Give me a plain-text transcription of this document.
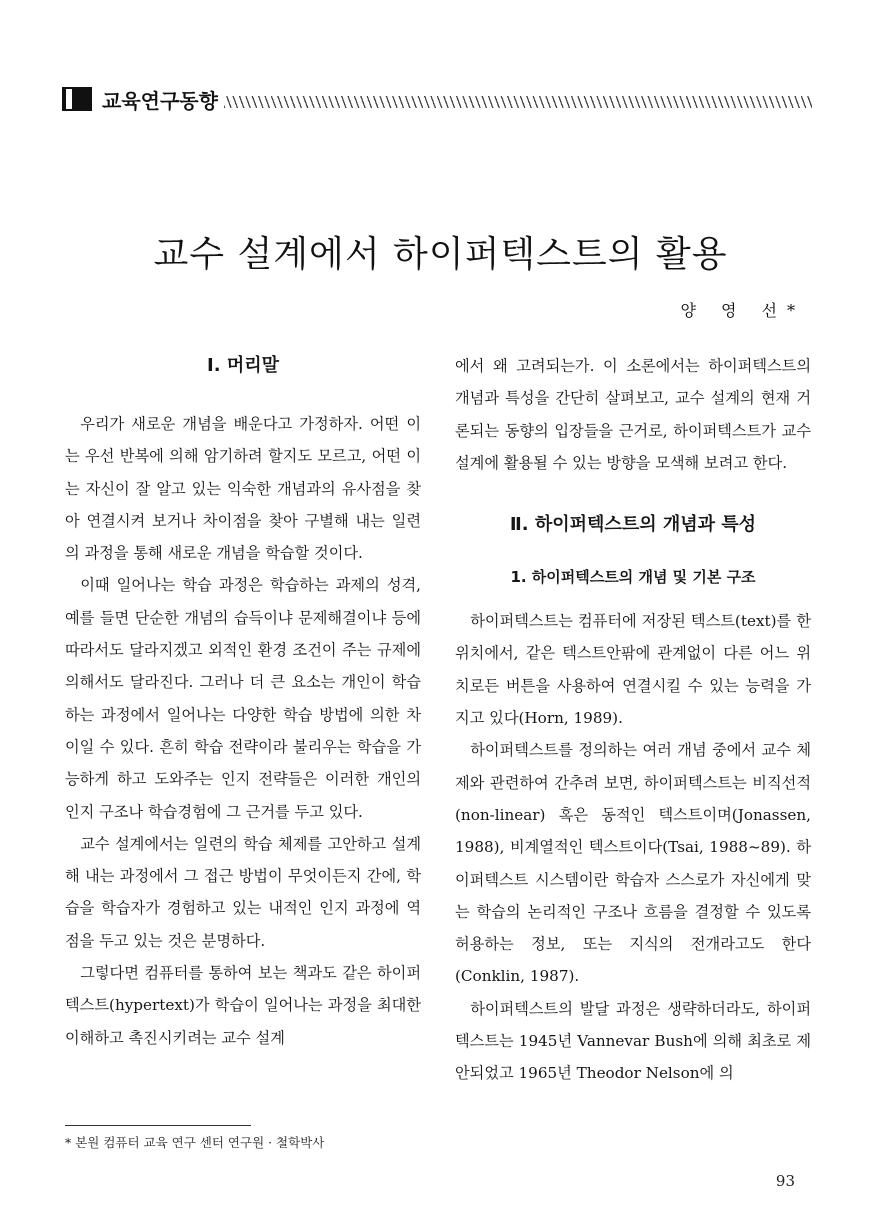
교육연구동향
교수 설계에서 하이퍼텍스트의 활용
양 영 선*
Ⅰ. 머리말

우리가 새로운 개념을 배운다고 가정하자. 어떤 이는 우선 반복에 의해 암기하려 할지도 모르고, 어떤 이는 자신이 잘 알고 있는 익숙한 개념과의 유사점을 찾아 연결시켜 보거나 차이점을 찾아 구별해 내는 일련의 과정을 통해 새로운 개념을 학습할 것이다.

이때 일어나는 학습 과정은 학습하는 과제의 성격, 예를 들면 단순한 개념의 습득이냐 문제해결이냐 등에 따라서도 달라지겠고 외적인 환경 조건이 주는 규제에 의해서도 달라진다. 그러나 더 큰 요소는 개인이 학습하는 과정에서 일어나는 다양한 학습 방법에 의한 차이일 수 있다. 흔히 학습 전략이라 불리우는 학습을 가능하게 하고 도와주는 인지 전략들은 이러한 개인의 인지 구조나 학습경험에 그 근거를 두고 있다.

교수 설계에서는 일련의 학습 체제를 고안하고 설계해 내는 과정에서 그 접근 방법이 무엇이든지 간에, 학습을 학습자가 경험하고 있는 내적인 인지 과정에 역점을 두고 있는 것은 분명하다.

그렇다면 컴퓨터를 통하여 보는 책과도 같은 하이퍼텍스트(hypertext)가 학습이 일어나는 과정을 최대한 이해하고 촉진시키려는 교수 설계

에서 왜 고려되는가. 이 소론에서는 하이퍼텍스트의 개념과 특성을 간단히 살펴보고, 교수 설계의 현재 거론되는 동향의 입장들을 근거로, 하이퍼텍스트가 교수 설계에 활용될 수 있는 방향을 모색해 보려고 한다.

Ⅱ. 하이퍼텍스트의 개념과 특성
1. 하이퍼텍스트의 개념 및 기본 구조

하이퍼텍스트는 컴퓨터에 저장된 텍스트(text)를 한 위치에서, 같은 텍스트안팎에 관계없이 다른 어느 위치로든 버튼을 사용하여 연결시킬 수 있는 능력을 가지고 있다(Horn, 1989).

하이퍼텍스트를 정의하는 여러 개념 중에서 교수 체제와 관련하여 간추려 보면, 하이퍼텍스트는 비직선적(non-linear) 혹은 동적인 텍스트이며(Jonassen, 1988), 비계열적인 텍스트이다(Tsai, 1988~89). 하이퍼텍스트 시스템이란 학습자 스스로가 자신에게 맞는 학습의 논리적인 구조나 흐름을 결정할 수 있도록 허용하는 정보, 또는 지식의 전개라고도 한다(Conklin, 1987).

하이퍼텍스트의 발달 과정은 생략하더라도, 하이퍼텍스트는 1945년 Vannevar Bush에 의해 최초로 제안되었고 1965년 Theodor Nelson에 의

* 본원 컴퓨터 교육 연구 센터 연구원 · 철학박사
93
